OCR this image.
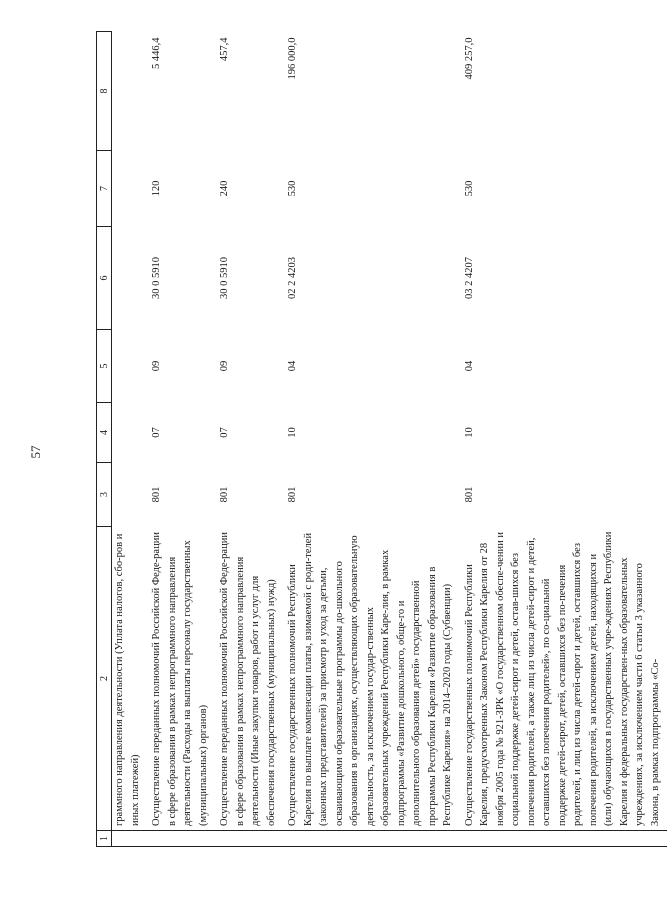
57
1	2	3	4	5	6	7	8
	граммного направления деятельности (Уплата налогов, сбо-ров и иных платежей)						
	Осуществление переданных полномочий Российской Феде-рации в сфере образования в рамках непрограммного направления деятельности (Расходы на выплаты персоналу государственных (муниципальных) органов)	801	07	09	30 0 5910	120	5 446,4
	Осуществление переданных полномочий Российской Феде-рации в сфере образования в рамках непрограммного направления деятельности (Иные закупки товаров, работ и услуг для обеспечения государственных (муниципальных) нужд)	801	07	09	30 0 5910	240	457,4
	Осуществление государственных полномочий Республики Карелия по выплате компенсации платы, взимаемой с роди-телей (законных представителей) за присмотр и уход за детьми, осваивающими образовательные программы до-школьного образования в организациях, осуществляющих образовательную деятельность, за исключением государ-ственных образовательных учреждений Республики Каре-лия, в рамках подпрограммы «Развитие дошкольного, обще-го и дополнительного образования детей» государственной программы Республики Карелия «Развитие образования в Республике Карелия» на 2014–2020 годы (Субвенции)	801	10	04	02 2 4203	530	196 000,0
	Осуществление государственных полномочий Республики Карелия, предусмотренных Законом Республики Карелия от 28 ноября 2005 года № 921-ЗРК «О государственном обеспе-чении и социальной поддержке детей-сирот и детей, остав-шихся без попечения родителей, а также лиц из числа детей-сирот и детей, оставшихся без попечения родителей», по со-циальной поддержке детей-сирот, детей, оставшихся без по-печения родителей, и лиц из числа детей-сирот и детей, оставшихся без попечения родителей, за исключением детей, находящихся и (или) обучающихся в государственных учре-ждениях Республики Карелия и федеральных государствен-ных образовательных учреждениях, за исключением части 6 статьи 3 указанного Закона, в рамках подпрограммы «Со-	801	10	04	03 2 4207	530	409 257,0
